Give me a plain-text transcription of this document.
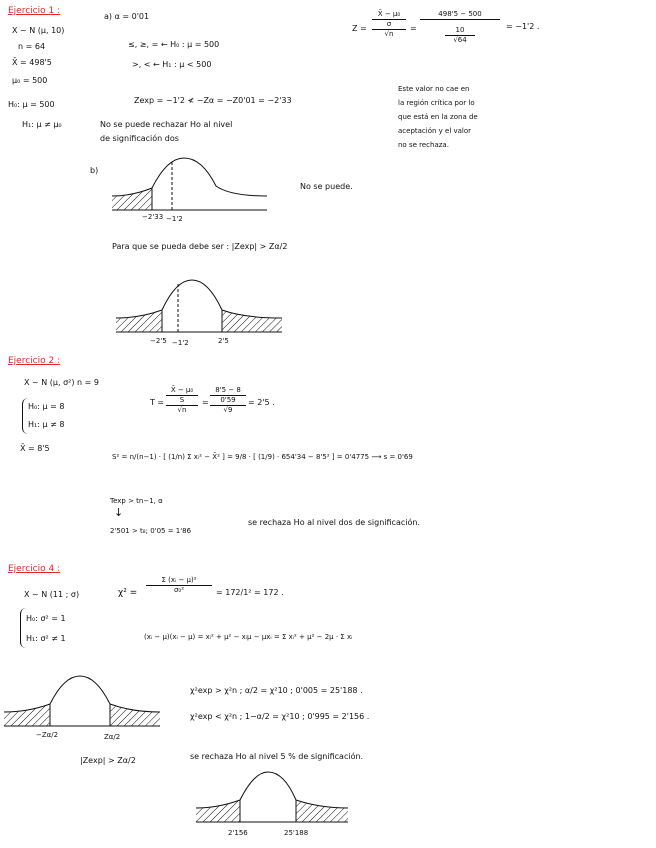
Ejercicio 1 :
X ~ N (μ, 10)
n = 64
X̄ = 498'5
μ₀ = 500
H₀: μ = 500
H₁: μ ≠ μ₀
a) α = 0'01
≤, ≥, = ← H₀ : μ = 500
>, < ← H₁ : μ < 500
Z =
X̄ − μ₀
σ
√n
=
498'5 − 500
10
√64
= −1'2 .
Zexp = −1'2 ≮ −Zα = −Z0'01 = −2'33
No se puede rechazar Ho al nivel
de significación dos
Este valor no cae en
la región crítica por lo
que está en la zona de
aceptación y el valor
no se rechaza.
b)
−2'33 −1'2
No se puede.
Para que se pueda debe ser : |Zexp| > Zα/2
−2'5 −1'2	2'5
Ejercicio 2 :
X ~ N (μ, σ²) n = 9
H₀: μ = 8
H₁: μ ≠ 8
X̄ = 8'5
T =
X̄ − μ₀
S
√n
=
8'5 − 8
0'59
√9
= 2'5 .
S² = n/(n−1) · [ (1/n) Σ xᵢ² − X̄² ] = 9/8 · [ (1/9) · 654'34 − 8'5² ] = 0'4775 ⟶ s = 0'69
Texp > tn−1, α
↓
2'501 > t₈; 0'05 = 1'86
se rechaza Ho al nivel dos de significación.
Ejercicio 4 :
X ~ N (11 ; σ)
H₀: σ² = 1
H₁: σ² ≠ 1
$\chi^2 = \frac{\text{Σ (xᵢ − μ)²}}{\text{σ₀²}} = 172/1^2 = 172$ .
(xᵢ − μ)(xᵢ − μ) = xᵢ² + μ² − xᵢμ − μxᵢ = Σ xᵢ² + μ² − 2μ · Σ xᵢ
−Zα/2	Zα/2
|Zexp| > Zα/2
χ²exp > χ²n ; α/2 = χ²10 ; 0'005 = 25'188 .
χ²exp < χ²n ; 1−α/2 = χ²10 ; 0'995 = 2'156 .
se rechaza Ho al nivel 5 % de significación.
2'156	25'188
